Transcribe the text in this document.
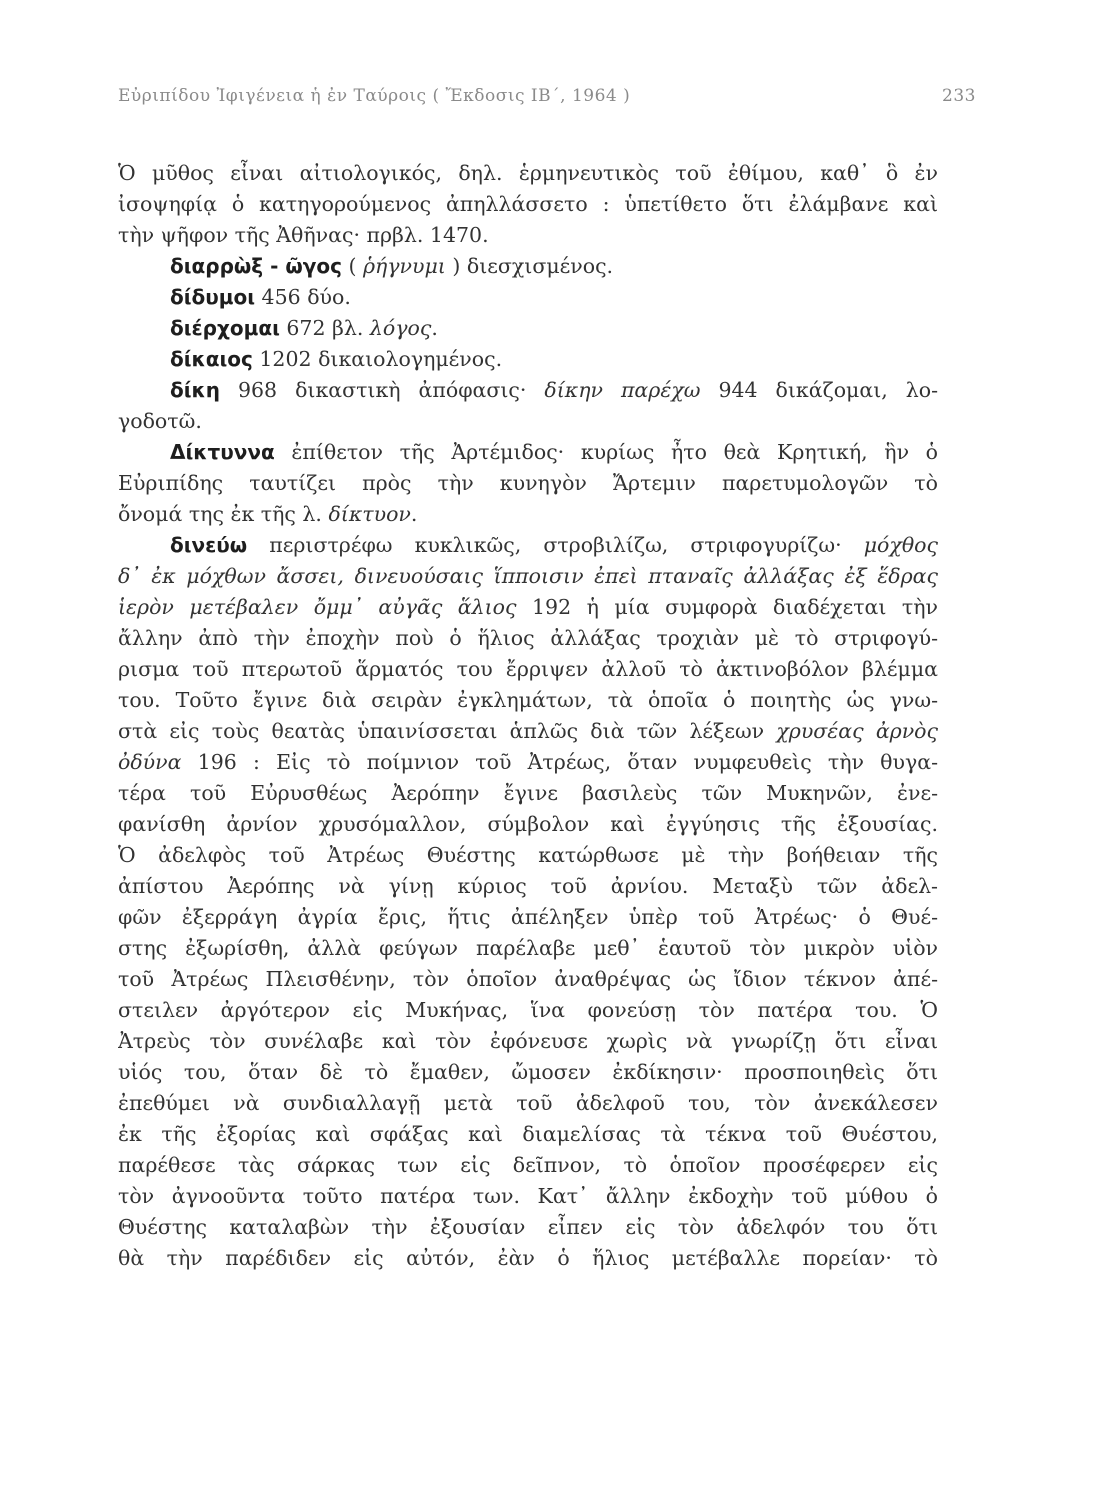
Εὐριπίδου Ἰφιγένεια ἡ ἐν Ταύροις ( Ἔκδοσις ΙΒ΄, 1964 )	233
Ὁ μῦθος εἶναι αἰτιολογικός, δηλ. ἑρμηνευτικὸς τοῦ ἐθίμου, καθ᾽ ὃ ἐν
ἰσοψηφίᾳ ὁ κατηγορούμενος ἀπηλλάσσετο : ὑπετίθετο ὅτι ἐλάμβανε καὶ
τὴν ψῆφον τῆς Ἀθῆνας· πρβλ. 1470.
διαρρὼξ - ῶγος ( ῥήγνυμι ) διεσχισμένος.
δίδυμοι 456 δύο.
διέρχομαι 672 βλ. λόγος.
δίκαιος 1202 δικαιολογημένος.
δίκη 968 δικαστικὴ ἀπόφασις· δίκην παρέχω 944 δικάζομαι, λο-
γοδοτῶ.
Δίκτυννα ἐπίθετον τῆς Ἀρτέμιδος· κυρίως ἦτο θεὰ Κρητική, ἣν ὁ
Εὐριπίδης ταυτίζει πρὸς τὴν κυνηγὸν Ἄρτεμιν παρετυμολογῶν τὸ
ὄνομά της ἐκ τῆς λ. δίκτυον.
δινεύω περιστρέφω κυκλικῶς, στροβιλίζω, στριφογυρίζω· μόχθος
δ᾽ ἐκ μόχθων ἄσσει, δινευούσαις ἵπποισιν ἐπεὶ πταναῖς ἀλλάξας ἐξ ἕδρας
ἱερὸν μετέβαλεν ὄμμ᾽ αὐγᾶς ἅλιος 192 ἡ μία συμφορὰ διαδέχεται τὴν
ἄλλην ἀπὸ τὴν ἐποχὴν ποὺ ὁ ἥλιος ἀλλάξας τροχιὰν μὲ τὸ στριφογύ-
ρισμα τοῦ πτερωτοῦ ἅρματός του ἔρριψεν ἀλλοῦ τὸ ἀκτινοβόλον βλέμμα
του. Τοῦτο ἔγινε διὰ σειρὰν ἐγκλημάτων, τὰ ὁποῖα ὁ ποιητὴς ὡς γνω-
στὰ εἰς τοὺς θεατὰς ὑπαινίσσεται ἁπλῶς διὰ τῶν λέξεων χρυσέας ἀρνὸς
ὀδύνα 196 : Εἰς τὸ ποίμνιον τοῦ Ἀτρέως, ὅταν νυμφευθεὶς τὴν θυγα-
τέρα τοῦ Εὐρυσθέως Ἀερόπην ἔγινε βασιλεὺς τῶν Μυκηνῶν, ἐνε-
φανίσθη ἀρνίον χρυσόμαλλον, σύμβολον καὶ ἐγγύησις τῆς ἐξουσίας.
Ὁ ἀδελφὸς τοῦ Ἀτρέως Θυέστης κατώρθωσε μὲ τὴν βοήθειαν τῆς
ἀπίστου Ἀερόπης νὰ γίνῃ κύριος τοῦ ἀρνίου. Μεταξὺ τῶν ἀδελ-
φῶν ἐξερράγη ἀγρία ἔρις, ἥτις ἀπέληξεν ὑπὲρ τοῦ Ἀτρέως· ὁ Θυέ-
στης ἐξωρίσθη, ἀλλὰ φεύγων παρέλαβε μεθ᾽ ἑαυτοῦ τὸν μικρὸν υἱὸν
τοῦ Ἀτρέως Πλεισθένην, τὸν ὁποῖον ἀναθρέψας ὡς ἴδιον τέκνον ἀπέ-
στειλεν ἀργότερον εἰς Μυκήνας, ἵνα φονεύσῃ τὸν πατέρα του. Ὁ
Ἀτρεὺς τὸν συνέλαβε καὶ τὸν ἐφόνευσε χωρὶς νὰ γνωρίζῃ ὅτι εἶναι
υἱός του, ὅταν δὲ τὸ ἔμαθεν, ὤμοσεν ἐκδίκησιν· προσποιηθεὶς ὅτι
ἐπεθύμει νὰ συνδιαλλαγῇ μετὰ τοῦ ἀδελφοῦ του, τὸν ἀνεκάλεσεν
ἐκ τῆς ἐξορίας καὶ σφάξας καὶ διαμελίσας τὰ τέκνα τοῦ Θυέστου,
παρέθεσε τὰς σάρκας των εἰς δεῖπνον, τὸ ὁποῖον προσέφερεν εἰς
τὸν ἀγνοοῦντα τοῦτο πατέρα των. Κατ᾽ ἄλλην ἐκδοχὴν τοῦ μύθου ὁ
Θυέστης καταλαβὼν τὴν ἐξουσίαν εἶπεν εἰς τὸν ἀδελφόν του ὅτι
θὰ τὴν παρέδιδεν εἰς αὐτόν, ἐὰν ὁ ἥλιος μετέβαλλε πορείαν· τὸ
